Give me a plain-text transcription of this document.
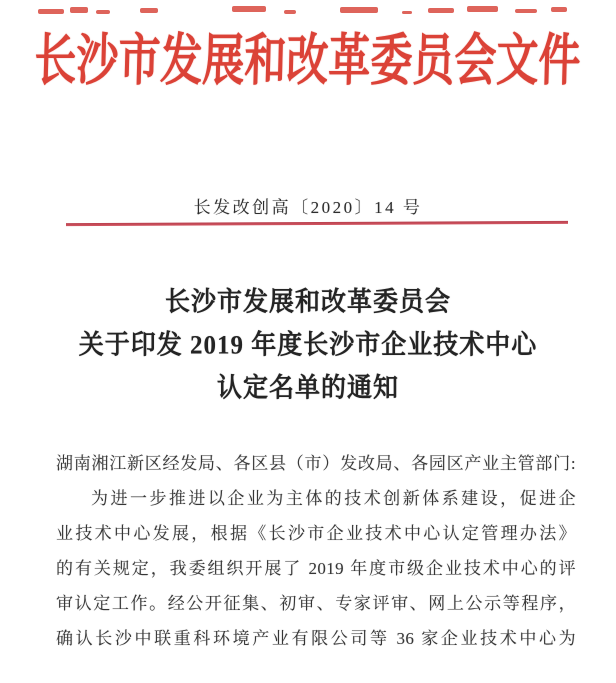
长沙市发展和改革委员会文件
长发改创高〔2020〕14 号
长沙市发展和改革委员会
关于印发 2019 年度长沙市企业技术中心
认定名单的通知
湖南湘江新区经发局、各区县（市）发改局、各园区产业主管部门:
为进一步推进以企业为主体的技术创新体系建设，促进企
业技术中心发展，根据《长沙市企业技术中心认定管理办法》
的有关规定，我委组织开展了 2019 年度市级企业技术中心的评
审认定工作。经公开征集、初审、专家评审、网上公示等程序，
确认长沙中联重科环境产业有限公司等 36 家企业技术中心为
